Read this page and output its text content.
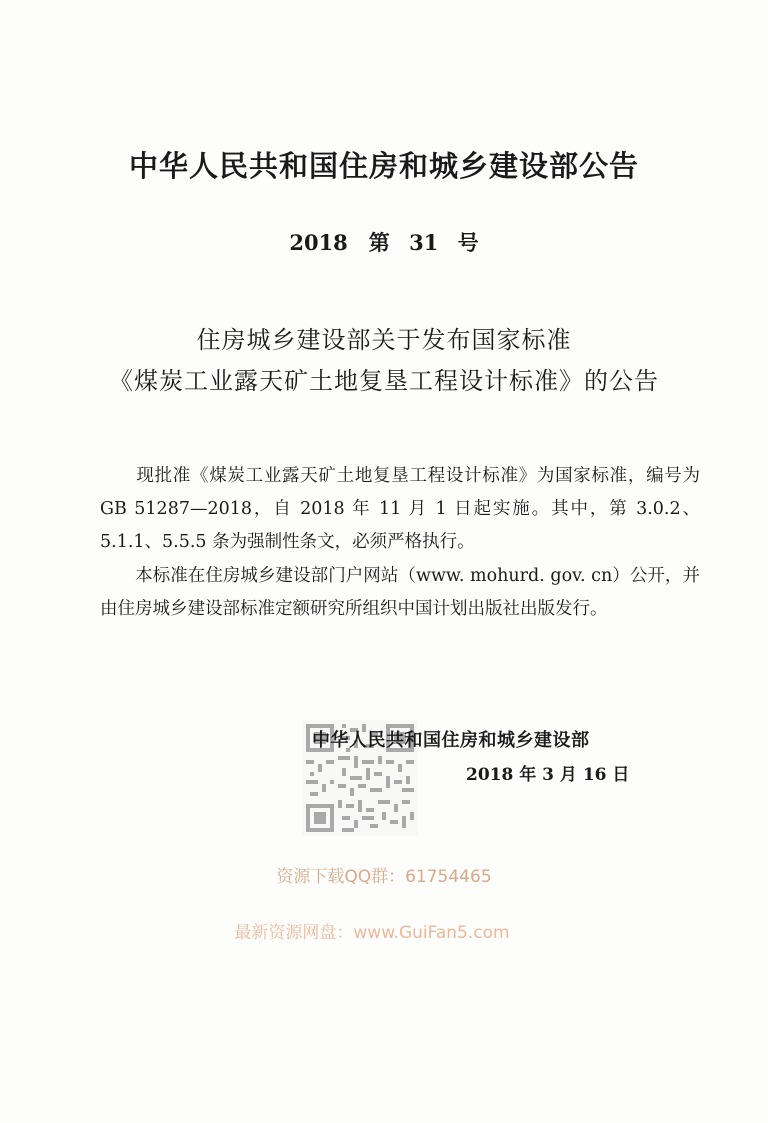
中华人民共和国住房和城乡建设部公告
2018　第 31 号
住房城乡建设部关于发布国家标准
《煤炭工业露天矿土地复垦工程设计标准》的公告
　　现批准《煤炭工业露天矿土地复垦工程设计标准》为国家标准，编号为 GB 51287—2018，自 2018 年 11 月 1 日起实施。其中，第 3.0.2、5.1.1、5.5.5 条为强制性条文，必须严格执行。
　　本标准在住房城乡建设部门户网站（www. mohurd. gov. cn）公开，并由住房城乡建设部标准定额研究所组织中国计划出版社出版发行。
中华人民共和国住房和城乡建设部
2018 年 3 月 16 日
资源下载QQ群：61754465
最新资源网盘：www.GuiFan5.com
